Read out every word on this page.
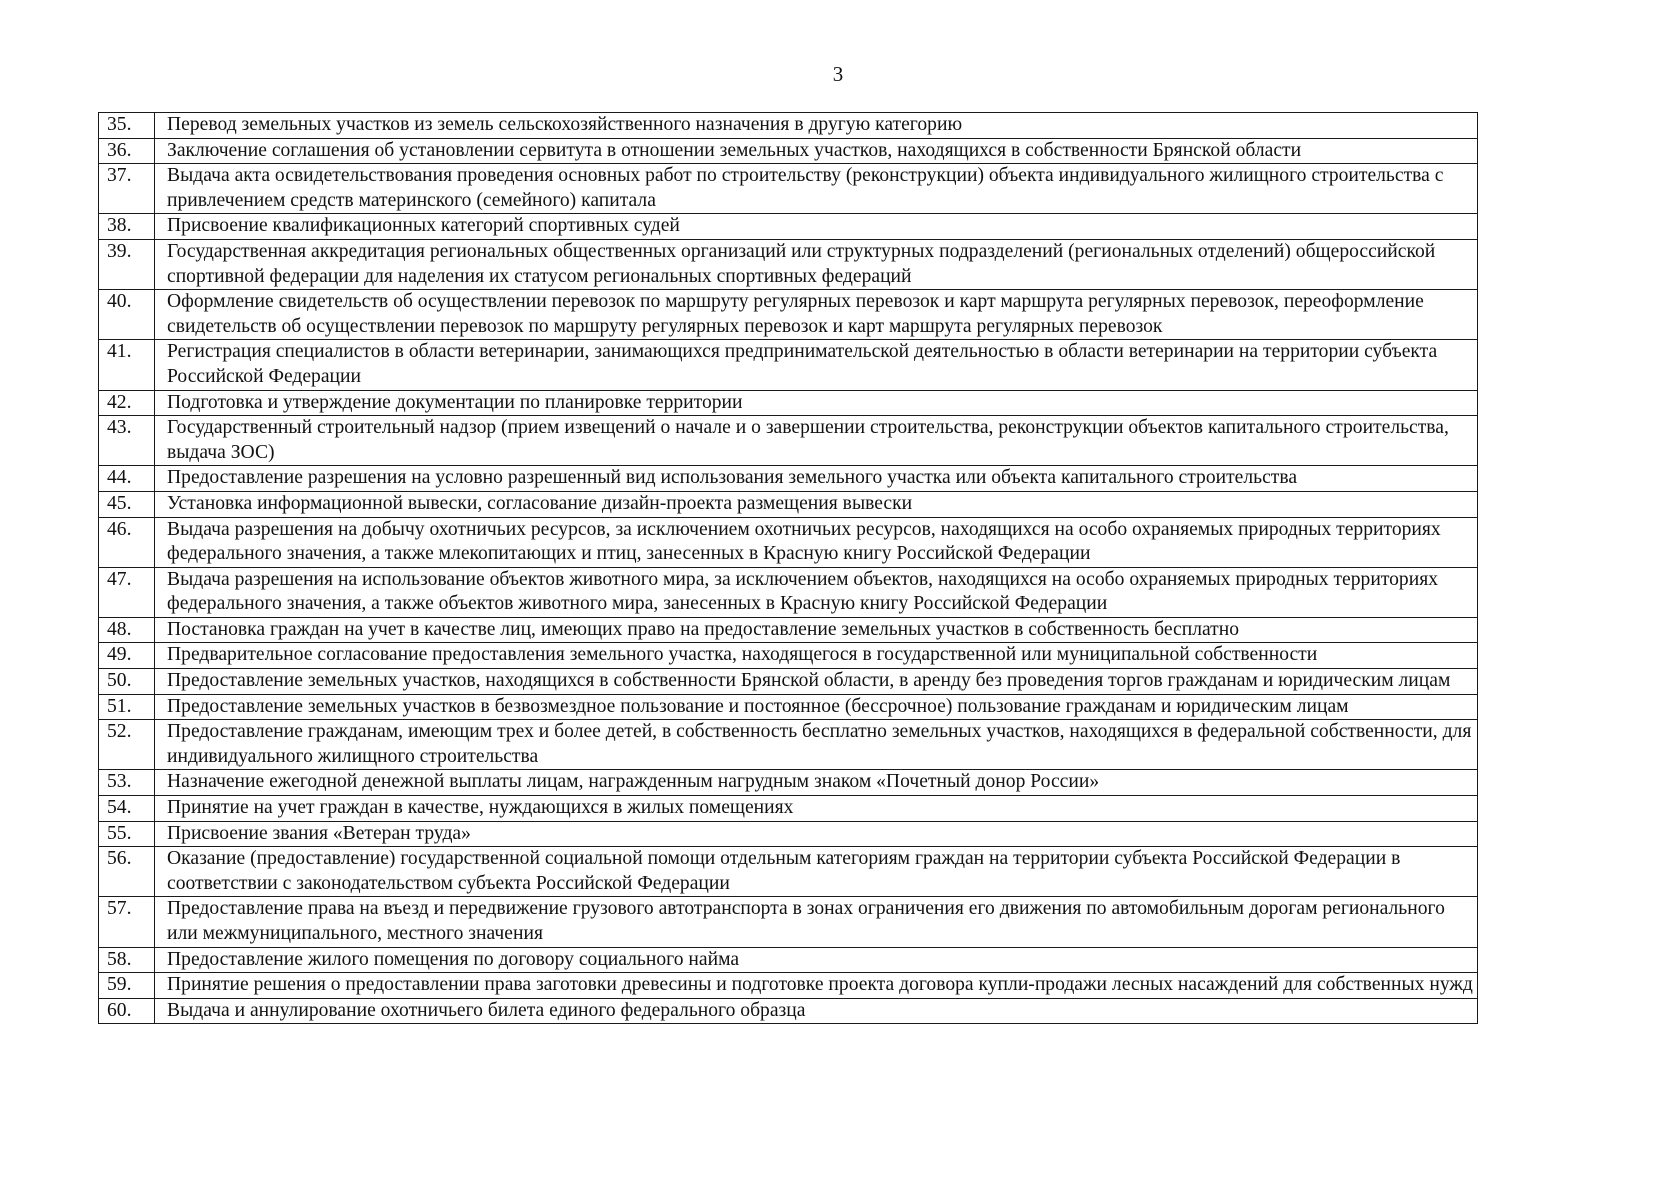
3
35.	Перевод земельных участков из земель сельскохозяйственного назначения в другую категорию
36.	Заключение соглашения об установлении сервитута в отношении земельных участков, находящихся в собственности Брянской области
37.	Выдача акта освидетельствования проведения основных работ по строительству (реконструкции) объекта индивидуального жилищного строительства с привлечением средств материнского (семейного) капитала
38.	Присвоение квалификационных категорий спортивных судей
39.	Государственная аккредитация региональных общественных организаций или структурных подразделений (региональных отделений) общероссийской спортивной федерации для наделения их статусом региональных спортивных федераций
40.	Оформление свидетельств об осуществлении перевозок по маршруту регулярных перевозок и карт маршрута регулярных перевозок, переоформление свидетельств об осуществлении перевозок по маршруту регулярных перевозок и карт маршрута регулярных перевозок
41.	Регистрация специалистов в области ветеринарии, занимающихся предпринимательской деятельностью в области ветеринарии на территории субъекта Российской Федерации
42.	Подготовка и утверждение документации по планировке территории
43.	Государственный строительный надзор (прием извещений о начале и о завершении строительства, реконструкции объектов капитального строительства, выдача ЗОС)
44.	Предоставление разрешения на условно разрешенный вид использования земельного участка или объекта капитального строительства
45.	Установка информационной вывески, согласование дизайн-проекта размещения вывески
46.	Выдача разрешения на добычу охотничьих ресурсов, за исключением охотничьих ресурсов, находящихся на особо охраняемых природных территориях федерального значения, а также млекопитающих и птиц, занесенных в Красную книгу Российской Федерации
47.	Выдача разрешения на использование объектов животного мира, за исключением объектов, находящихся на особо охраняемых природных территориях федерального значения, а также объектов животного мира, занесенных в Красную книгу Российской Федерации
48.	Постановка граждан на учет в качестве лиц, имеющих право на предоставление земельных участков в собственность бесплатно
49.	Предварительное согласование предоставления земельного участка, находящегося в государственной или муниципальной собственности
50.	Предоставление земельных участков, находящихся в собственности Брянской области, в аренду без проведения торгов гражданам и юридическим лицам
51.	Предоставление земельных участков в безвозмездное пользование и постоянное (бессрочное) пользование гражданам и юридическим лицам
52.	Предоставление гражданам, имеющим трех и более детей, в собственность бесплатно земельных участков, находящихся в федеральной собственности, для индивидуального жилищного строительства
53.	Назначение ежегодной денежной выплаты лицам, награжденным нагрудным знаком «Почетный донор России»
54.	Принятие на учет граждан в качестве, нуждающихся в жилых помещениях
55.	Присвоение звания «Ветеран труда»
56.	Оказание (предоставление) государственной социальной помощи отдельным категориям граждан на территории субъекта Российской Федерации в соответствии с законодательством субъекта Российской Федерации
57.	Предоставление права на въезд и передвижение грузового автотранспорта в зонах ограничения его движения по автомобильным дорогам регионального или межмуниципального, местного значения
58.	Предоставление жилого помещения по договору социального найма
59.	Принятие решения о предоставлении права заготовки древесины и подготовке проекта договора купли-продажи лесных насаждений для собственных нужд
60.	Выдача и аннулирование охотничьего билета единого федерального образца
